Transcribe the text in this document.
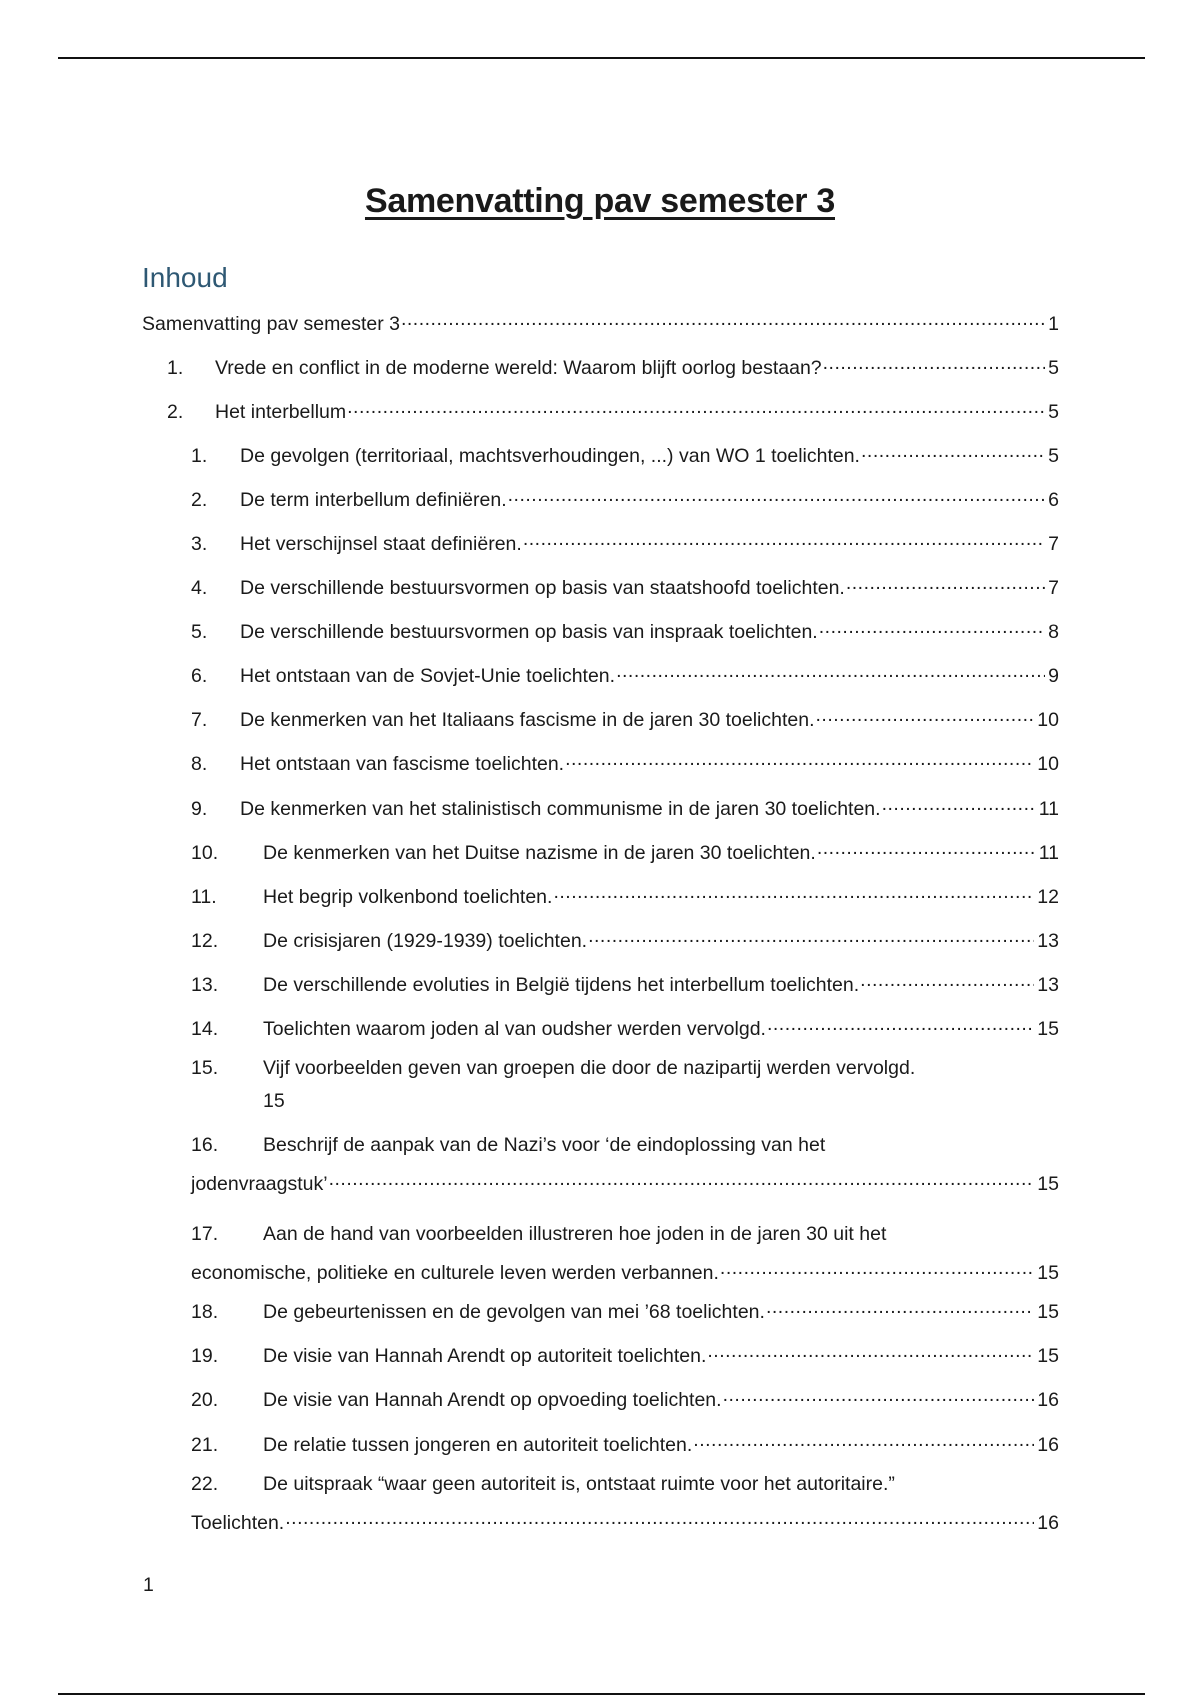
Samenvatting pav semester 3
Inhoud
Samenvatting pav semester 3 .....	1
1.	Vrede en conflict in de moderne wereld: Waarom blijft oorlog bestaan? .....	5
2.	Het interbellum .....	5
1.	De gevolgen (territoriaal, machtsverhoudingen, ...) van WO 1 toelichten. .....	5
2.	De term interbellum definiëren. .....	6
3.	Het verschijnsel staat definiëren. .....	7
4.	De verschillende bestuursvormen op basis van staatshoofd toelichten. .....	7
5.	De verschillende bestuursvormen op basis van inspraak toelichten. .....	8
6.	Het ontstaan van de Sovjet-Unie toelichten. .....	9
7.	De kenmerken van het Italiaans fascisme in de jaren 30 toelichten. .....	10
8.	Het ontstaan van fascisme toelichten. .....	10
9.	De kenmerken van het stalinistisch communisme in de jaren 30 toelichten. .....	11
10.	De kenmerken van het Duitse nazisme in de jaren 30 toelichten. .....	11
11.	Het begrip volkenbond toelichten. .....	12
12.	De crisisjaren (1929-1939) toelichten. .....	13
13.	De verschillende evoluties in België tijdens het interbellum toelichten. .....	13
14.	Toelichten waarom joden al van oudsher werden vervolgd. .....	15
15. Vijf voorbeelden geven van groepen die door de nazipartij werden vervolgd.
15
16. Beschrijf de aanpak van de Nazi’s voor ‘de eindoplossing van het
jodenvraagstuk’ .....	15
17. Aan de hand van voorbeelden illustreren hoe joden in de jaren 30 uit het
economische, politieke en culturele leven werden verbannen. .....	15
18.	De gebeurtenissen en de gevolgen van mei ’68 toelichten. .....	15
19.	De visie van Hannah Arendt op autoriteit toelichten. .....	15
20.	De visie van Hannah Arendt op opvoeding toelichten. .....	16
21.	De relatie tussen jongeren en autoriteit toelichten. .....	16
22. De uitspraak “waar geen autoriteit is, ontstaat ruimte voor het autoritaire.”
Toelichten. .....	16
1
